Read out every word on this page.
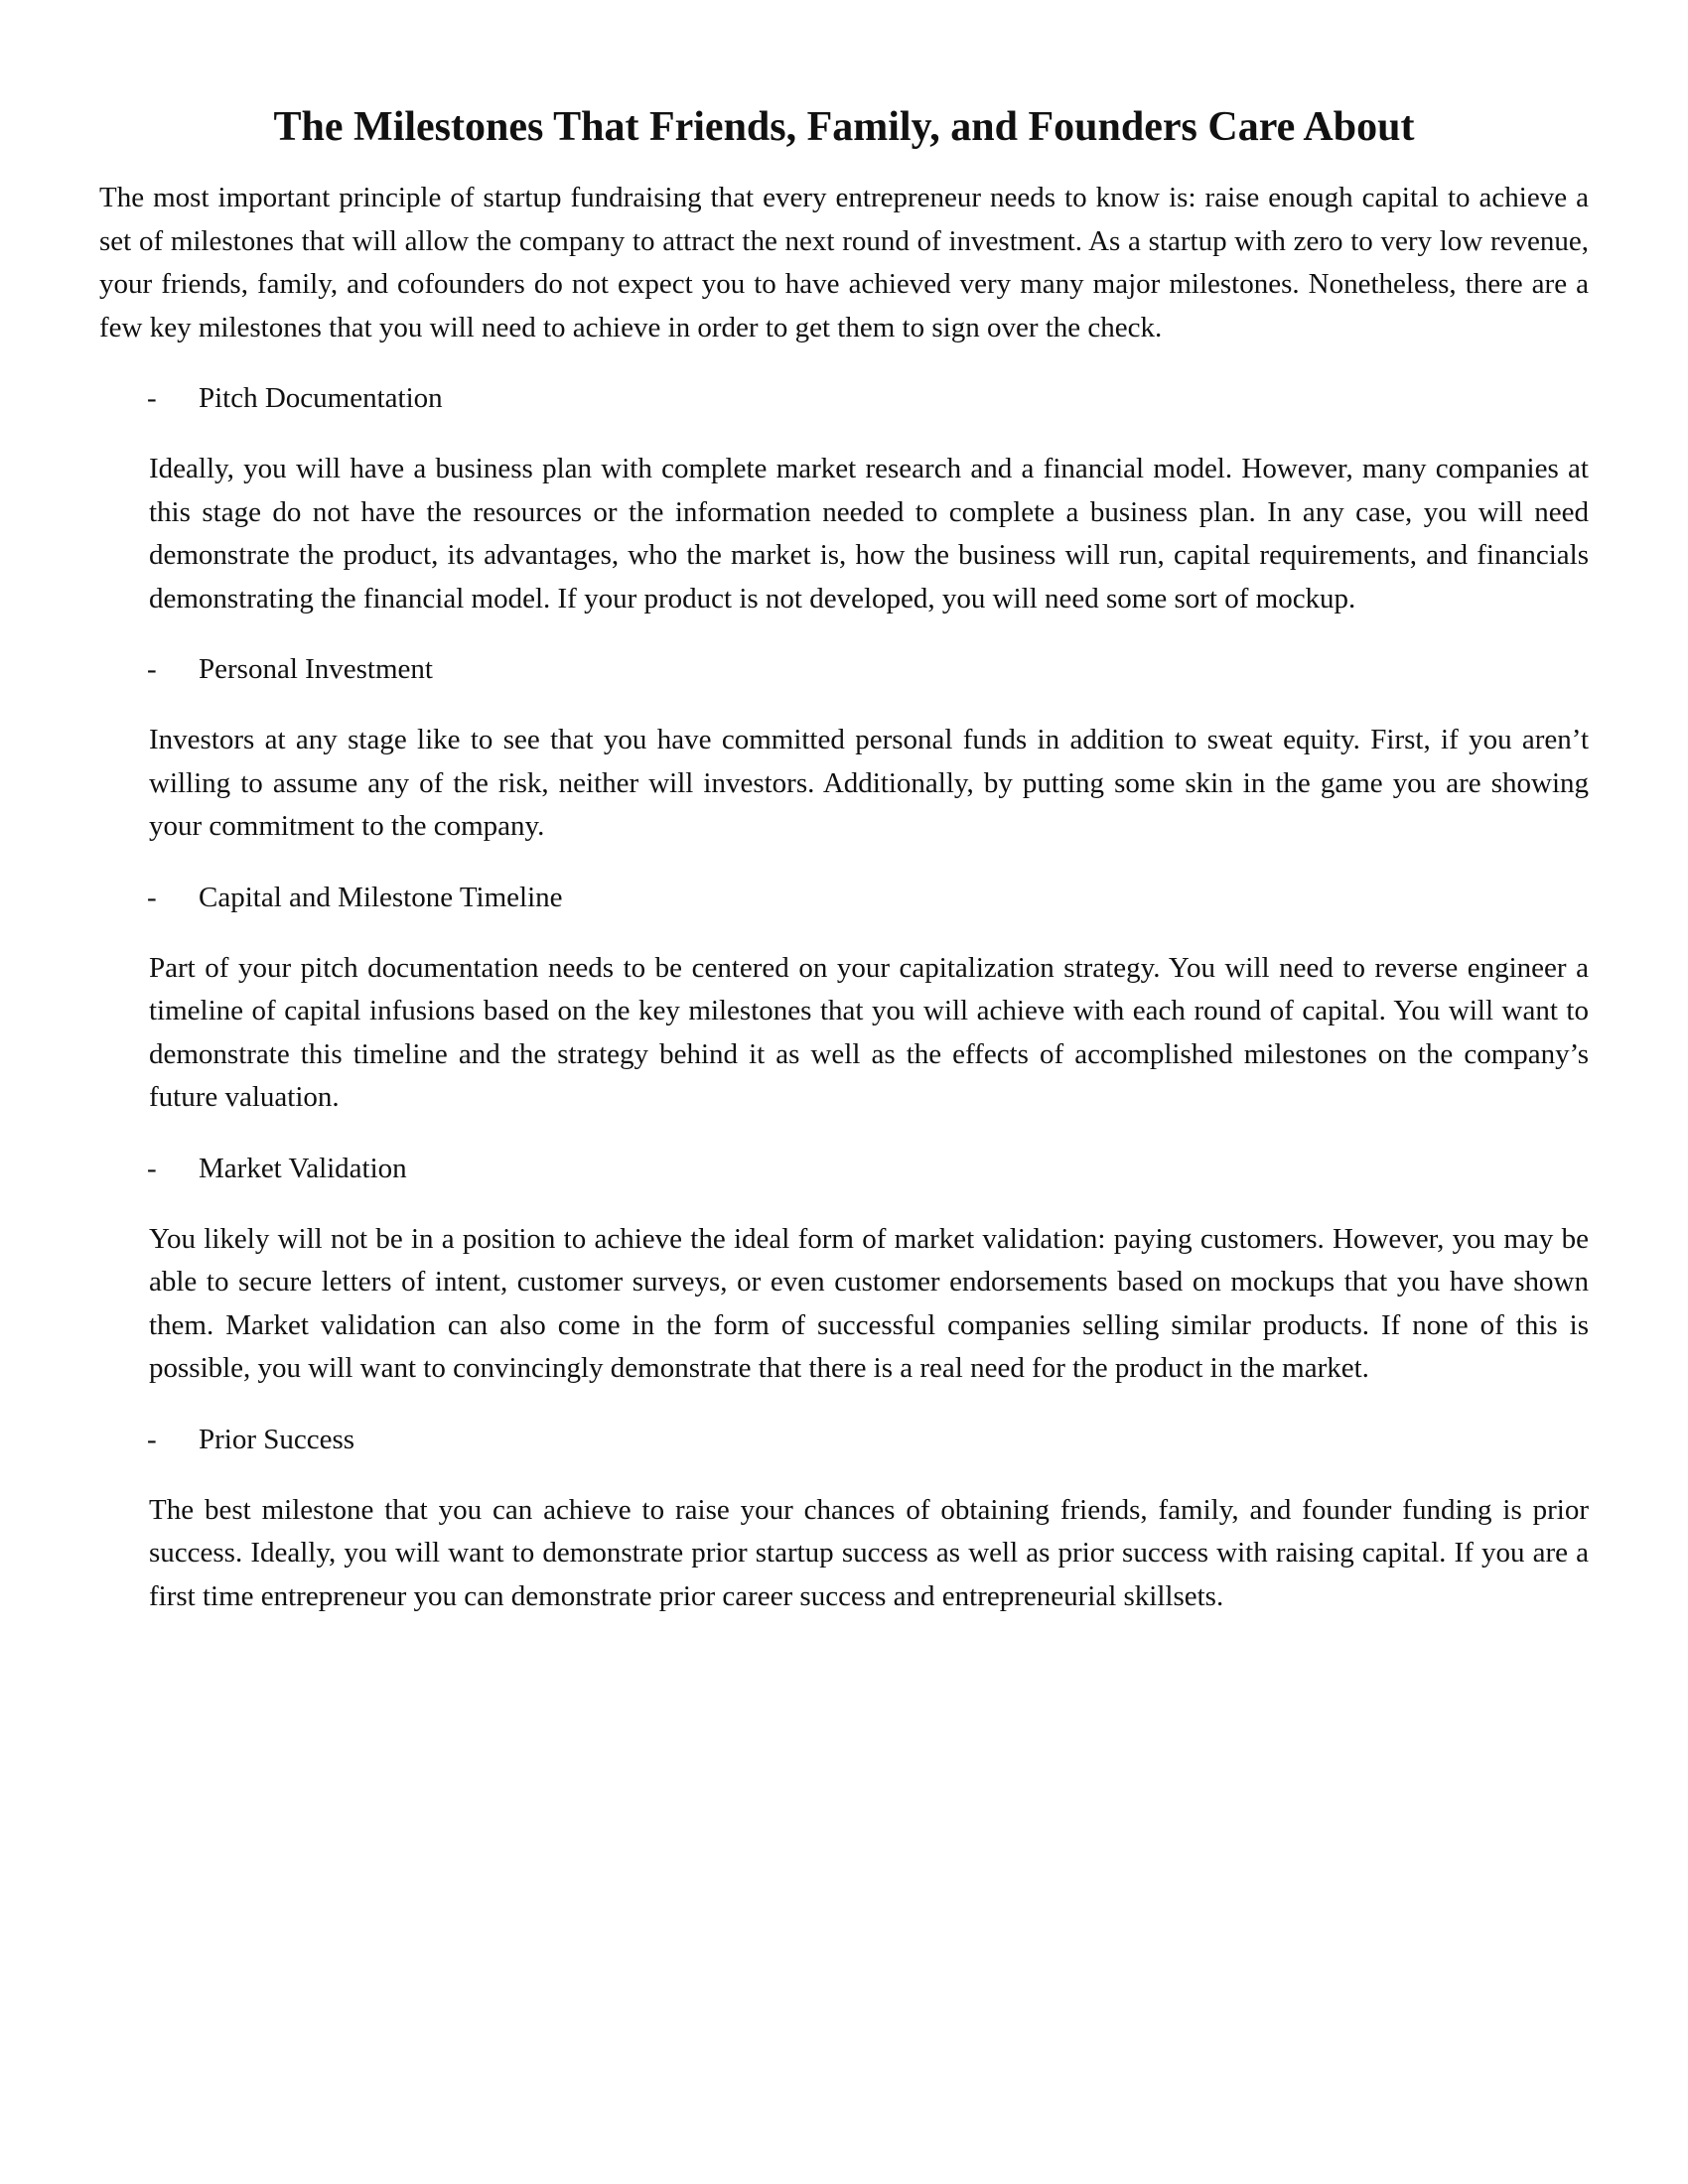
The Milestones That Friends, Family, and Founders Care About

The most important principle of startup fundraising that every entrepreneur needs to know is: raise enough capital to achieve a set of milestones that will allow the company to attract the next round of investment. As a startup with zero to very low revenue, your friends, family, and cofounders do not expect you to have achieved very many major milestones. Nonetheless, there are a few key milestones that you will need to achieve in order to get them to sign over the check.

-	Pitch Documentation

Ideally, you will have a business plan with complete market research and a financial model. However, many companies at this stage do not have the resources or the information needed to complete a business plan. In any case, you will need demonstrate the product, its advantages, who the market is, how the business will run, capital requirements, and financials demonstrating the financial model. If your product is not developed, you will need some sort of mockup.

-	Personal Investment

Investors at any stage like to see that you have committed personal funds in addition to sweat equity. First, if you aren’t willing to assume any of the risk, neither will investors. Additionally, by putting some skin in the game you are showing your commitment to the company.

-	Capital and Milestone Timeline

Part of your pitch documentation needs to be centered on your capitalization strategy. You will need to reverse engineer a timeline of capital infusions based on the key milestones that you will achieve with each round of capital. You will want to demonstrate this timeline and the strategy behind it as well as the effects of accomplished milestones on the company’s future valuation.

-	Market Validation

You likely will not be in a position to achieve the ideal form of market validation: paying customers. However, you may be able to secure letters of intent, customer surveys, or even customer endorsements based on mockups that you have shown them. Market validation can also come in the form of successful companies selling similar products. If none of this is possible, you will want to convincingly demonstrate that there is a real need for the product in the market.

-	Prior Success

The best milestone that you can achieve to raise your chances of obtaining friends, family, and founder funding is prior success. Ideally, you will want to demonstrate prior startup success as well as prior success with raising capital. If you are a first time entrepreneur you can demonstrate prior career success and entrepreneurial skillsets.
